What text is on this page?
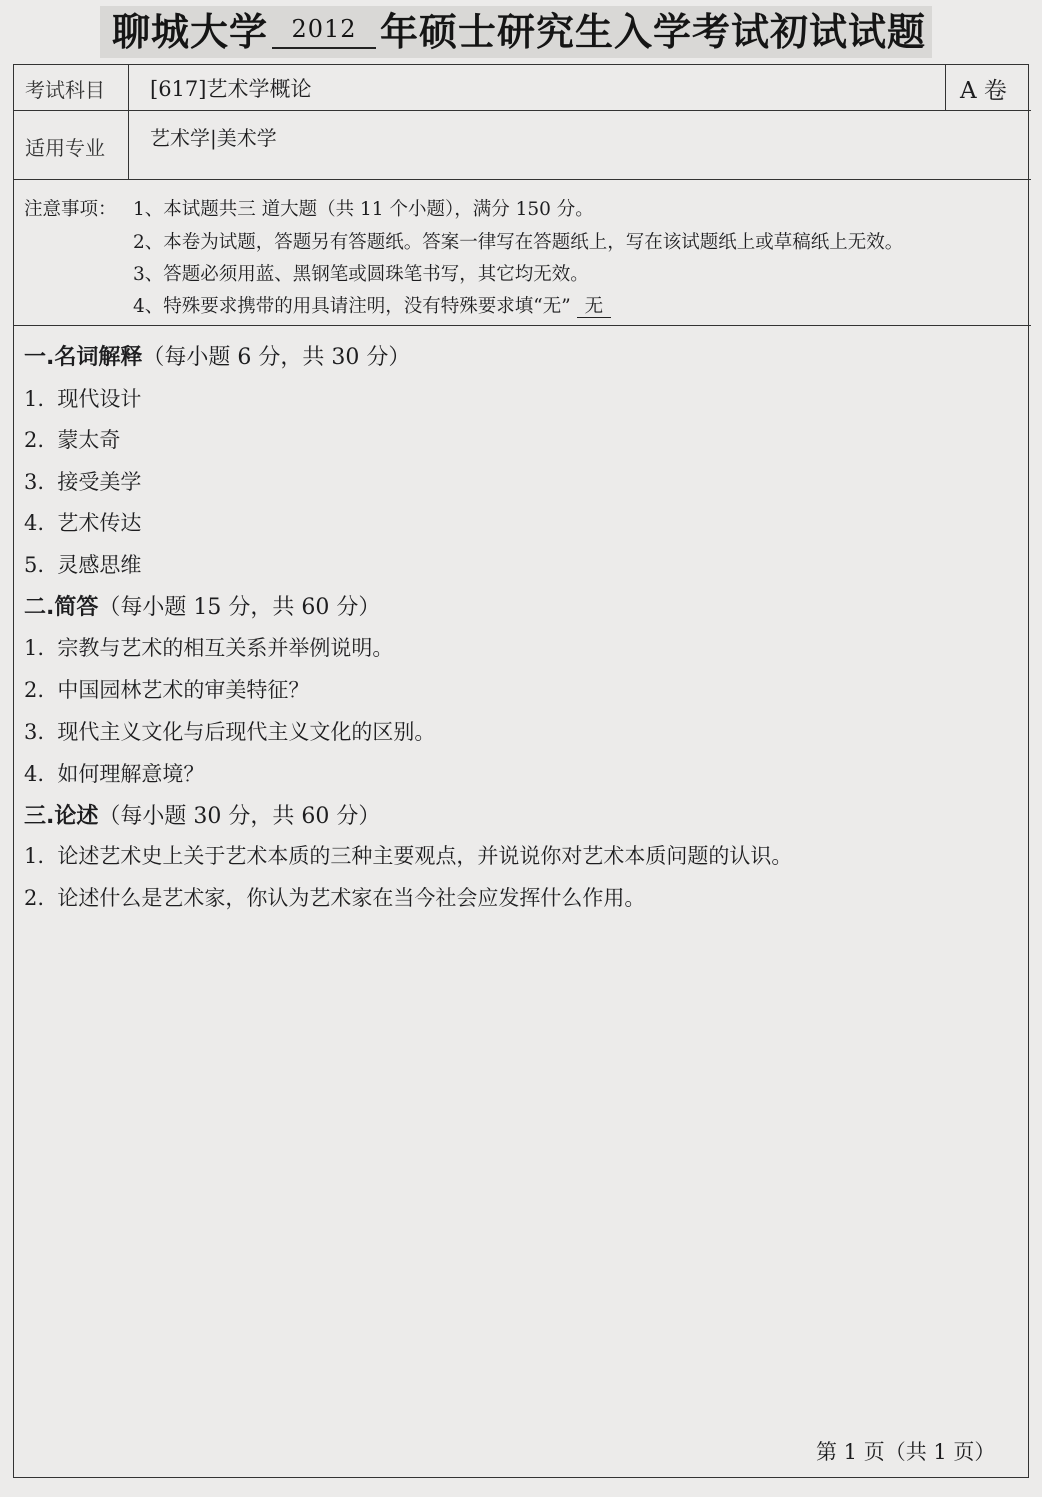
聊城大学 2012 年硕士研究生入学考试初试试题
考试科目 [617]艺术学概论	A 卷
适用专业 艺术学|美术学
注意事项： 1、本试题共三 道大题（共 11 个小题），满分 150 分。
2、本卷为试题，答题另有答题纸。答案一律写在答题纸上，写在该试题纸上或草稿纸上无效。
3、答题必须用蓝、黑钢笔或圆珠笔书写，其它均无效。
4、特殊要求携带的用具请注明，没有特殊要求填“无” 无
一.名词解释（每小题 6 分，共 30 分）
1. 现代设计
2. 蒙太奇
3. 接受美学
4. 艺术传达
5. 灵感思维
二.简答（每小题 15 分，共 60 分）
1. 宗教与艺术的相互关系并举例说明。
2. 中国园林艺术的审美特征？
3. 现代主义文化与后现代主义文化的区别。
4. 如何理解意境？
三.论述（每小题 30 分，共 60 分）
1. 论述艺术史上关于艺术本质的三种主要观点，并说说你对艺术本质问题的认识。
2. 论述什么是艺术家，你认为艺术家在当今社会应发挥什么作用。
第 1 页（共 1 页）
